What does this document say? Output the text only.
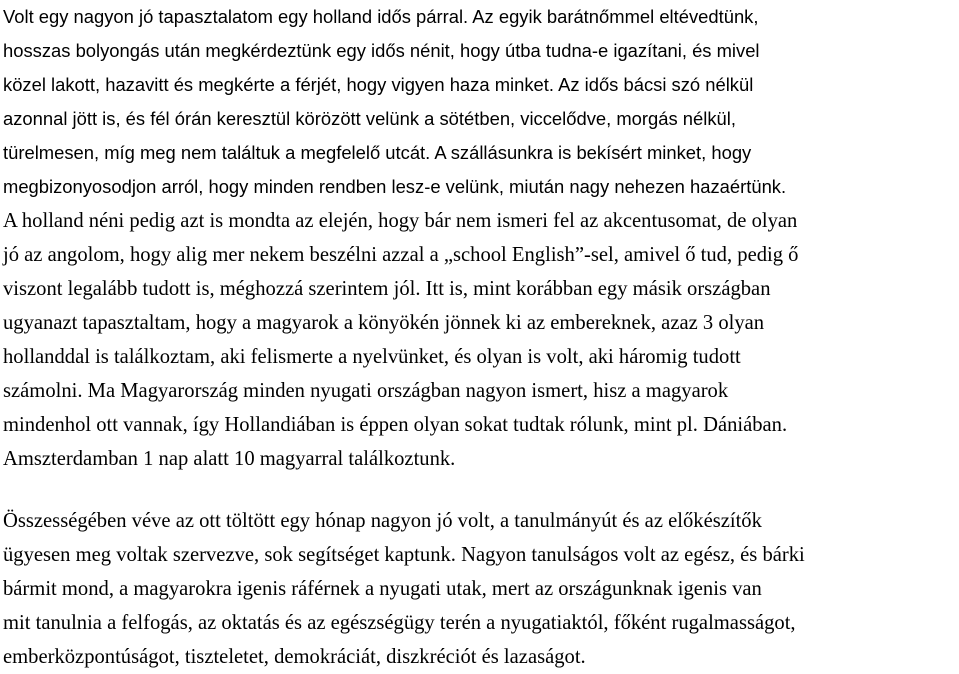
Volt egy nagyon jó tapasztalatom egy holland idős párral. Az egyik barátnőmmel eltévedtünk,
hosszas bolyongás után megkérdeztünk egy idős nénit, hogy útba tudna-e igazítani, és mivel
közel lakott, hazavitt és megkérte a férjét, hogy vigyen haza minket. Az idős bácsi szó nélkül
azonnal jött is, és fél órán keresztül körözött velünk a sötétben, viccelődve, morgás nélkül,
türelmesen, míg meg nem találtuk a megfelelő utcát. A szállásunkra is bekísért minket, hogy
megbizonyosodjon arról, hogy minden rendben lesz-e velünk, miután nagy nehezen hazaértünk.
A holland néni pedig azt is mondta az elején, hogy bár nem ismeri fel az akcentusomat, de olyan
jó az angolom, hogy alig mer nekem beszélni azzal a „school English”-sel, amivel ő tud, pedig ő
viszont legalább tudott is, méghozzá szerintem jól. Itt is, mint korábban egy másik országban
ugyanazt tapasztaltam, hogy a magyarok a könyökén jönnek ki az embereknek, azaz 3 olyan
hollanddal is találkoztam, aki felismerte a nyelvünket, és olyan is volt, aki háromig tudott
számolni. Ma Magyarország minden nyugati országban nagyon ismert, hisz a magyarok
mindenhol ott vannak, így Hollandiában is éppen olyan sokat tudtak rólunk, mint pl. Dániában.
Amszterdamban 1 nap alatt 10 magyarral találkoztunk.
Összességében véve az ott töltött egy hónap nagyon jó volt, a tanulmányút és az előkészítők
ügyesen meg voltak szervezve, sok segítséget kaptunk. Nagyon tanulságos volt az egész, és bárki
bármit mond, a magyarokra igenis ráférnek a nyugati utak, mert az országunknak igenis van
mit tanulnia a felfogás, az oktatás és az egészségügy terén a nyugatiaktól, főként rugalmasságot,
emberközpontúságot, tiszteletet, demokráciát, diszkréciót és lazaságot.
